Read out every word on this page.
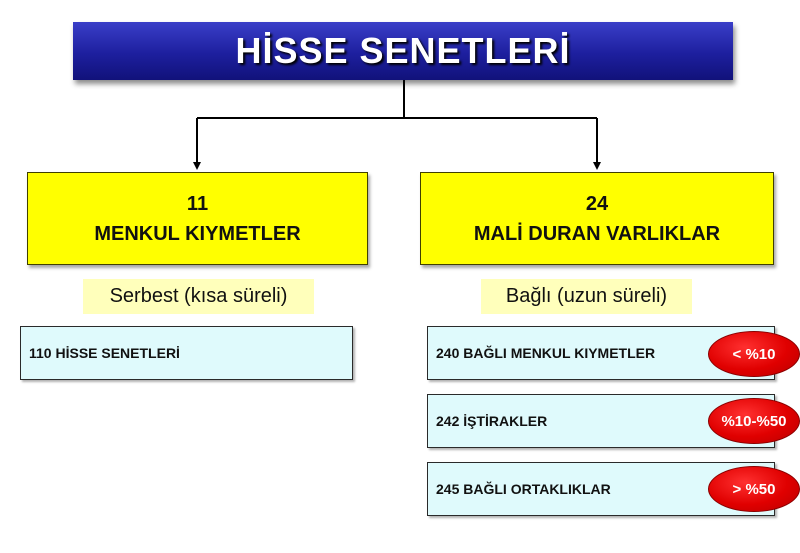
HİSSE SENETLERİ
11
MENKUL KIYMETLER
24
MALİ DURAN VARLIKLAR
Serbest (kısa süreli)	Bağlı (uzun süreli)
110 HİSSE SENETLERİ	240 BAĞLI MENKUL KIYMETLER
242 İŞTİRAKLER
245 BAĞLI ORTAKLIKLAR
< %10
%10-%50
> %50
